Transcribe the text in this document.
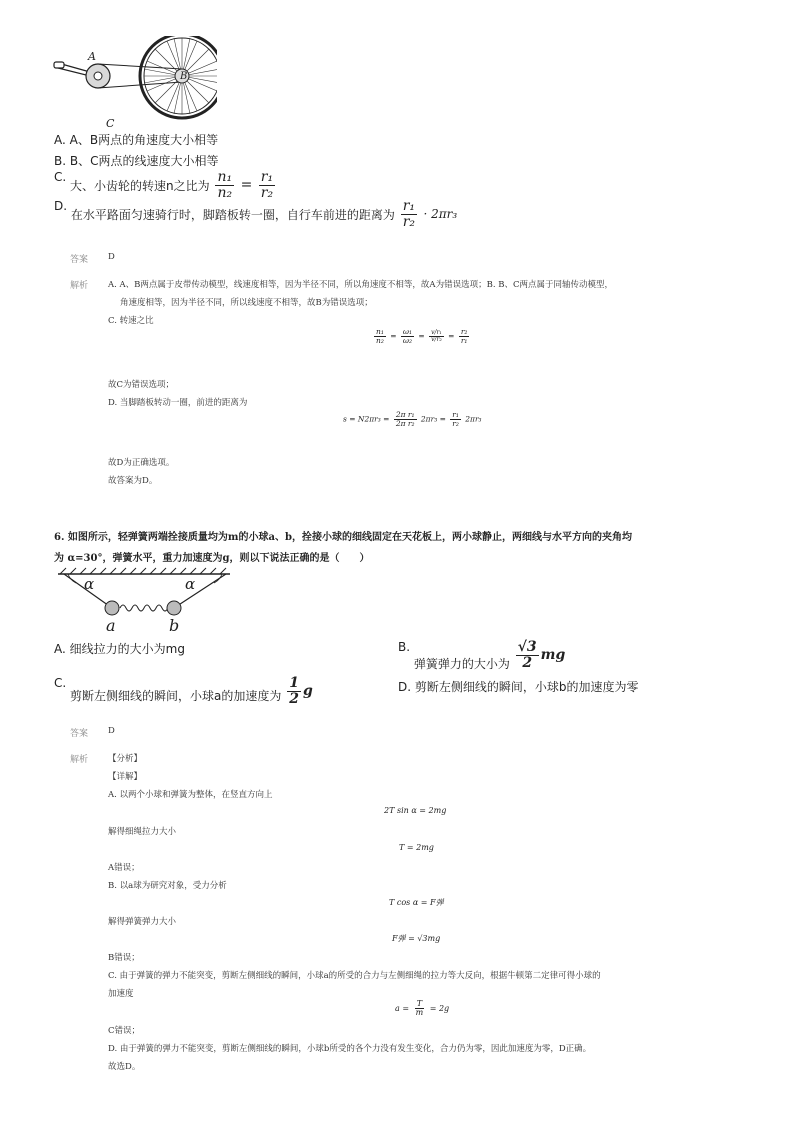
A
B
C
A. A、B两点的角速度大小相等
B. B、C两点的线速度大小相等
C. 大、小齿轮的转速n之比为 $\frac{\text{n₁}}{\text{n₂}} = \frac{\text{r₁}}{\text{r₂}}$
D. 在水平路面匀速骑行时，脚踏板转一圈，自行车前进的距离为 $\frac{\text{r₁}}{\text{r₂}} \cdot 2\pi r_3$
答案 D
解析 A. A、B两点属于皮带传动模型，线速度相等，因为半径不同，所以角速度不相等，故A为错误选项；B. B、C两点属于同轴传动模型，
角速度相等，因为半径不同，所以线速度不相等，故B为错误选项；
C. 转速之比
$\frac{\text{n₁}}{\text{n₂}} = \frac{\text{ω₁}}{\text{ω₂}} = \frac{\text{v/r₁}}{\text{v/r₂}} = \frac{\text{r₂}}{\text{r₁}}$
故C为错误选项；
D. 当脚踏板转动一圈，前进的距离为
$s = N2\pi r_3 = \frac{\text{2π r₁}}{\text{2π r₂}} 2\pi r_3 = \frac{\text{r₁}}{\text{r₂}} 2\pi r_3$
故D为正确选项。
故答案为D。
6. 如图所示，轻弹簧两端拴接质量均为m的小球a、b，拴接小球的细线固定在天花板上，两小球静止，两细线与水平方向的夹角均
为 α=30°，弹簧水平，重力加速度为g，则以下说法正确的是（　　）
α	α
a	b
A. 细线拉力的大小为mg	B. 弹簧弹力的大小为 $\frac{√3}{2}$ mg
C. 剪断左侧细线的瞬间，小球a的加速度为 $\frac{1}{2}$ g	D. 剪断左侧细线的瞬间，小球b的加速度为零
答案 D
解析 【分析】
【详解】
A. 以两个小球和弹簧为整体，在竖直方向上
2T sin α = 2mg
解得细绳拉力大小
T = 2mg
A错误；
B. 以a球为研究对象，受力分析
T cos α = F弹
解得弹簧弹力大小
F弹 = √3mg
B错误；
C. 由于弹簧的弹力不能突变，剪断左侧细线的瞬间，小球a的所受的合力与左侧细绳的拉力等大反向，根据牛顿第二定律可得小球的
加速度
$a = \frac{T}{m} = 2g$
C错误；
D. 由于弹簧的弹力不能突变，剪断左侧细线的瞬间，小球b所受的各个力没有发生变化，合力仍为零，因此加速度为零，D正确。
故选D。
